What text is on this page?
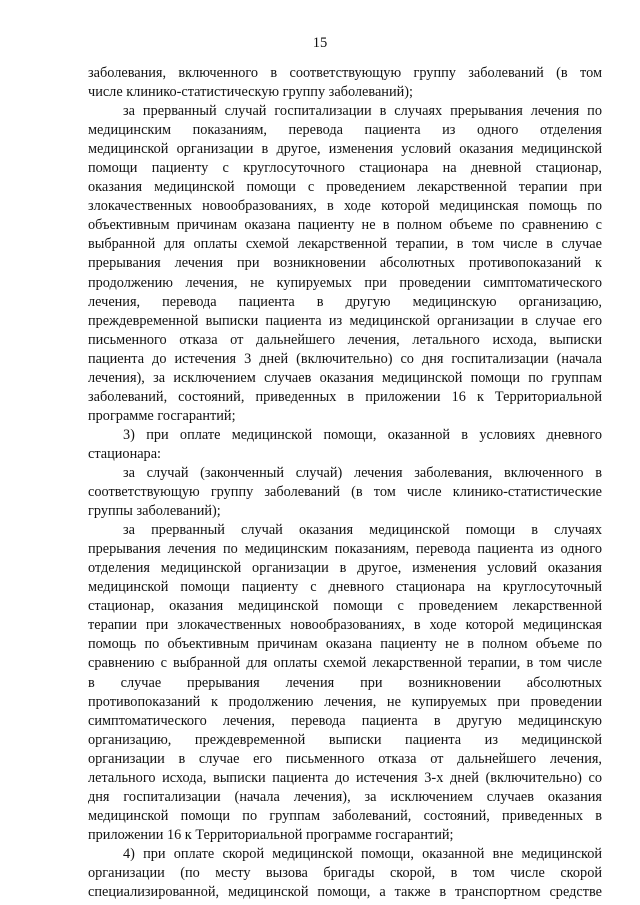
15
заболевания, включенного в соответствующую группу заболеваний (в том
числе клинико-статистическую группу заболеваний);
за прерванный случай госпитализации в случаях прерывания лечения по
медицинским показаниям, перевода пациента из одного отделения
медицинской организации в другое, изменения условий оказания медицинской
помощи пациенту с круглосуточного стационара на дневной стационар,
оказания медицинской помощи с проведением лекарственной терапии при
злокачественных новообразованиях, в ходе которой медицинская помощь по
объективным причинам оказана пациенту не в полном объеме по сравнению с
выбранной для оплаты схемой лекарственной терапии, в том числе в случае
прерывания лечения при возникновении абсолютных противопоказаний к
продолжению лечения, не купируемых при проведении симптоматического
лечения, перевода пациента в другую медицинскую организацию,
преждевременной выписки пациента из медицинской организации в случае его
письменного отказа от дальнейшего лечения, летального исхода, выписки
пациента до истечения 3 дней (включительно) со дня госпитализации (начала
лечения), за исключением случаев оказания медицинской помощи по группам
заболеваний, состояний, приведенных в приложении 16 к Территориальной
программе госгарантий;
3) при оплате медицинской помощи, оказанной в условиях дневного
стационара:
за случай (законченный случай) лечения заболевания, включенного в
соответствующую группу заболеваний (в том числе клинико-статистические
группы заболеваний);
за прерванный случай оказания медицинской помощи в случаях
прерывания лечения по медицинским показаниям, перевода пациента из одного
отделения медицинской организации в другое, изменения условий оказания
медицинской помощи пациенту с дневного стационара на круглосуточный
стационар, оказания медицинской помощи с проведением лекарственной
терапии при злокачественных новообразованиях, в ходе которой медицинская
помощь по объективным причинам оказана пациенту не в полном объеме по
сравнению с выбранной для оплаты схемой лекарственной терапии, в том числе
в случае прерывания лечения при возникновении абсолютных
противопоказаний к продолжению лечения, не купируемых при проведении
симптоматического лечения, перевода пациента в другую медицинскую
организацию, преждевременной выписки пациента из медицинской
организации в случае его письменного отказа от дальнейшего лечения,
летального исхода, выписки пациента до истечения 3-х дней (включительно) со
дня госпитализации (начала лечения), за исключением случаев оказания
медицинской помощи по группам заболеваний, состояний, приведенных в
приложении 16 к Территориальной программе госгарантий;
4) при оплате скорой медицинской помощи, оказанной вне медицинской
организации (по месту вызова бригады скорой, в том числе скорой
специализированной, медицинской помощи, а также в транспортном средстве
